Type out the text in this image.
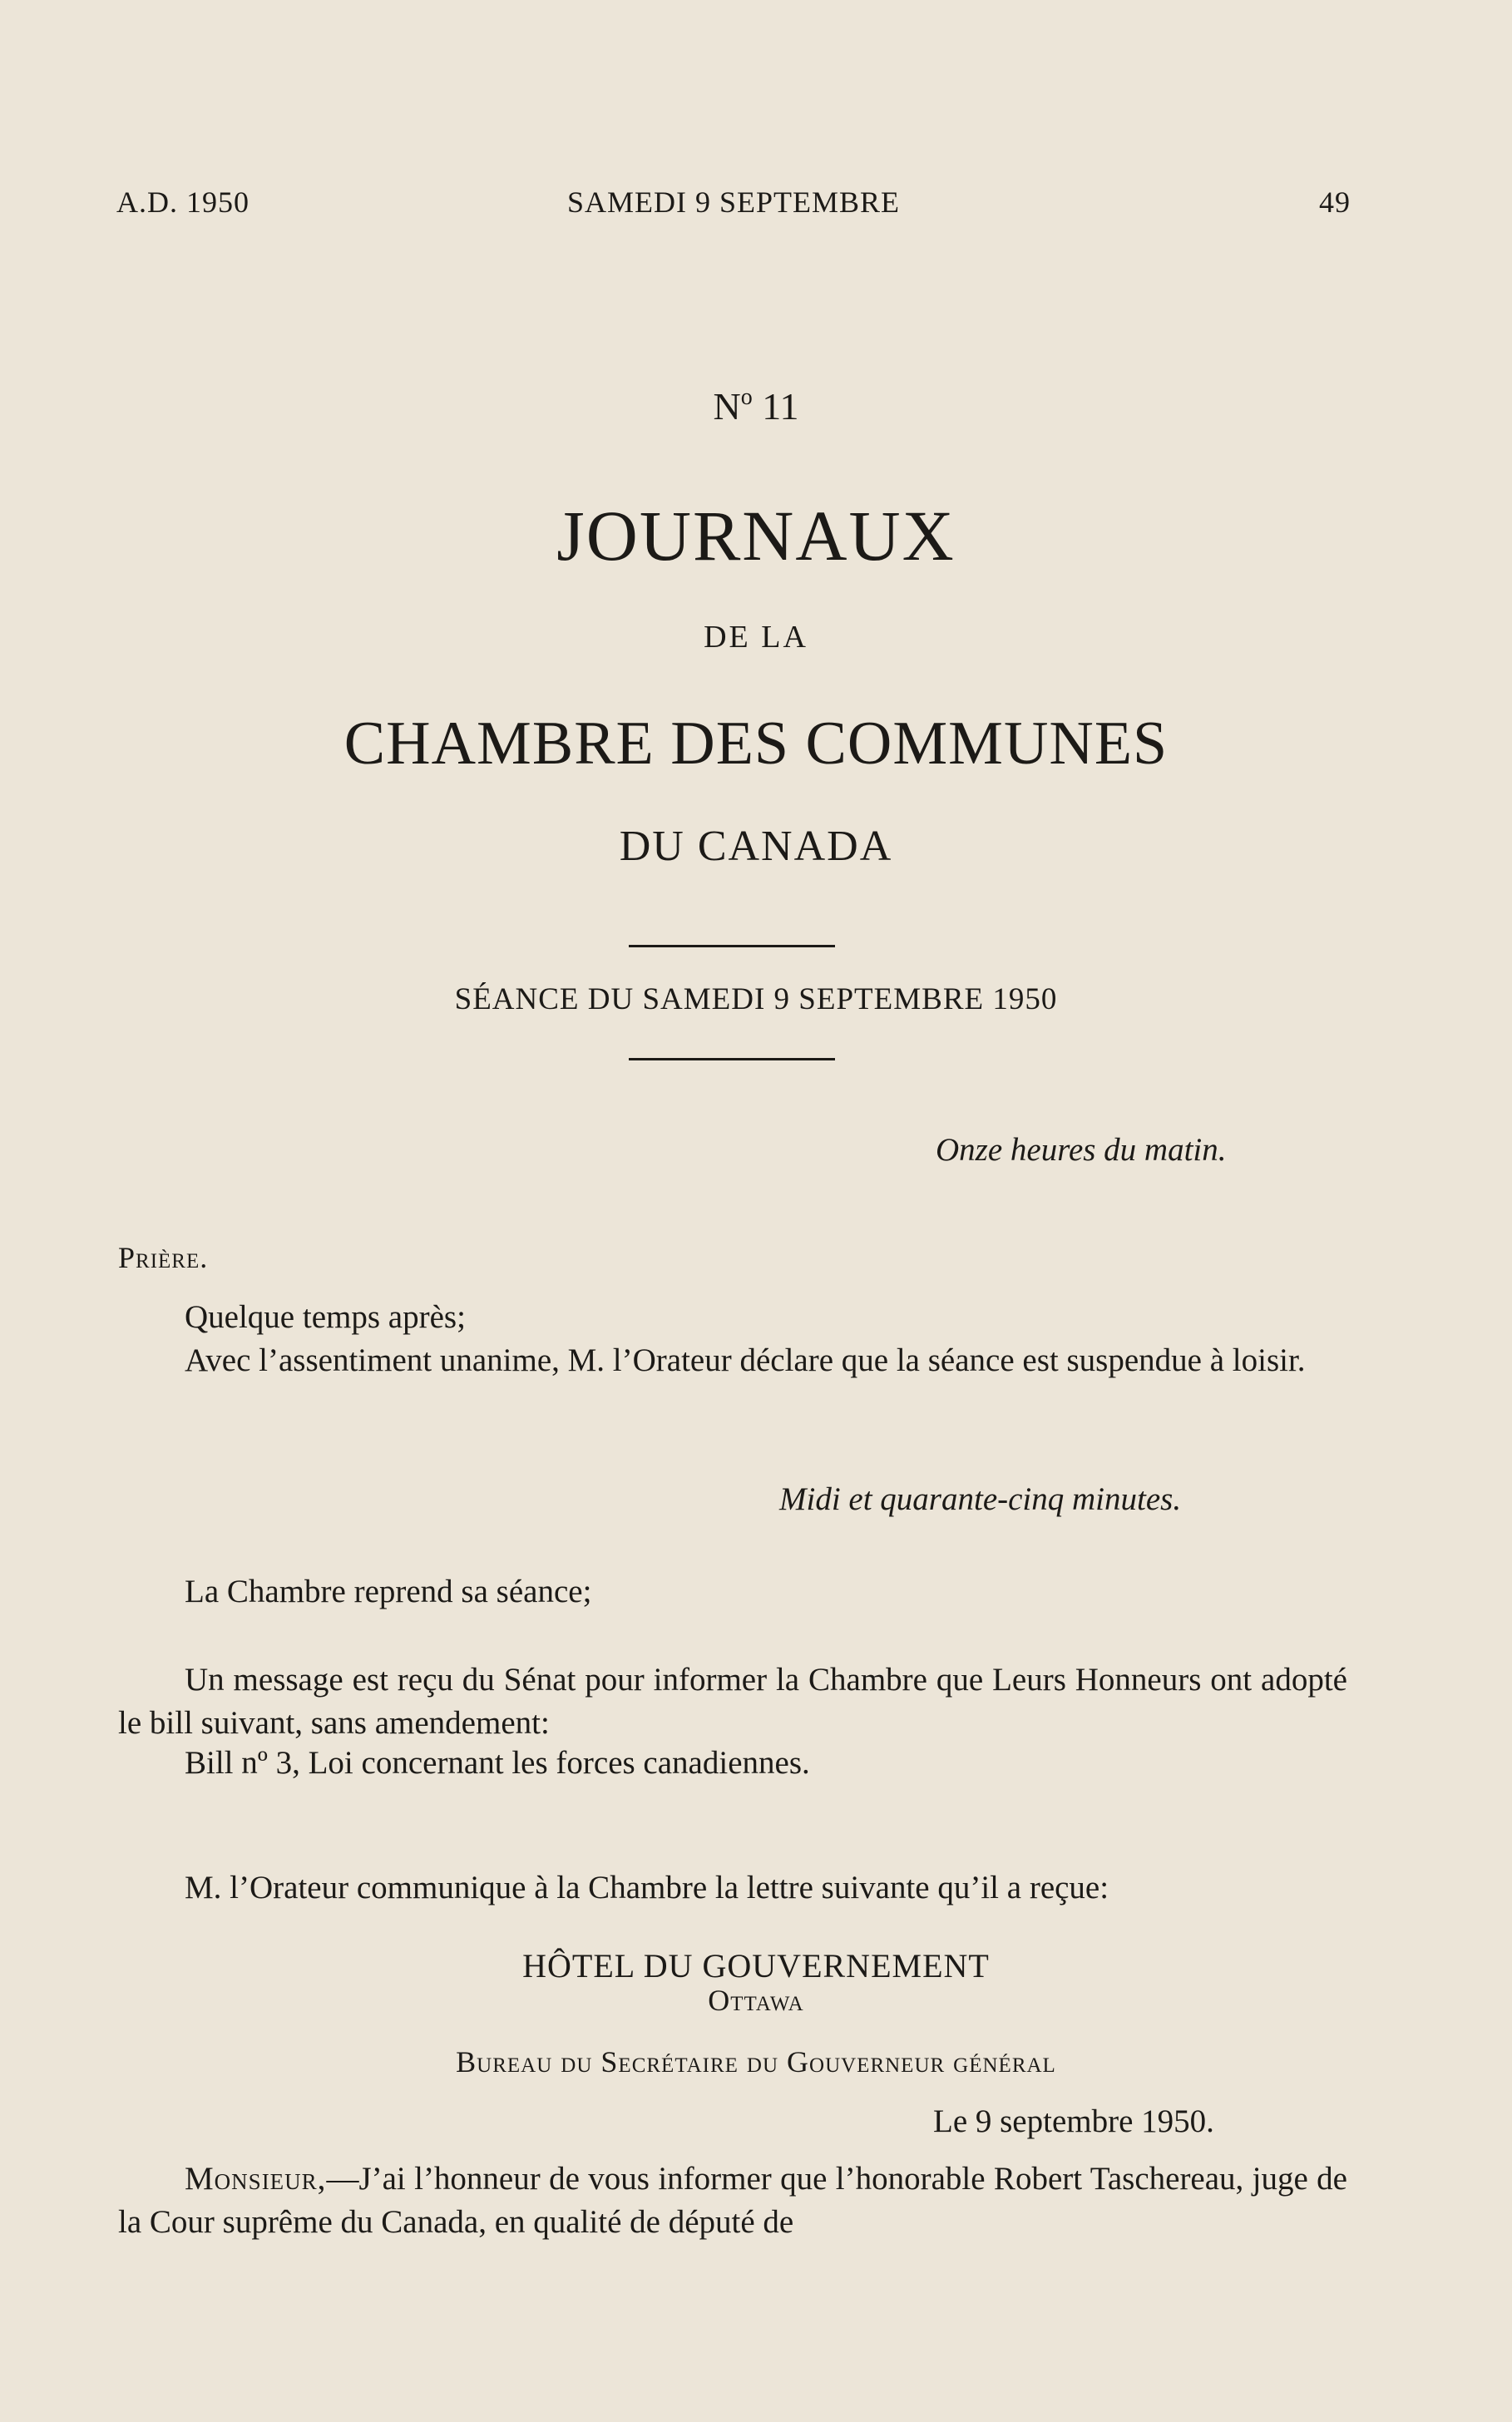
A.D. 1950	SAMEDI 9 SEPTEMBRE	49
$N^o$ 11
JOURNAUX
DE LA
CHAMBRE DES COMMUNES
DU CANADA
SÉANCE DU SAMEDI 9 SEPTEMBRE 1950
Onze heures du matin.
Prière.
Quelque temps après;
Avec l’assentiment unanime, M. l’Orateur déclare que la séance est suspendue à loisir.
Midi et quarante-cinq minutes.
La Chambre reprend sa séance;
Un message est reçu du Sénat pour informer la Chambre que Leurs Honneurs ont adopté le bill suivant, sans amendement:
Bill nº 3, Loi concernant les forces canadiennes.
M. l’Orateur communique à la Chambre la lettre suivante qu’il a reçue:
HÔTEL DU GOUVERNEMENT
Ottawa
Bureau du Secrétaire du Gouverneur général
Le 9 septembre 1950.
Monsieur,—J’ai l’honneur de vous informer que l’honorable Robert Taschereau, juge de la Cour suprême du Canada, en qualité de député de
